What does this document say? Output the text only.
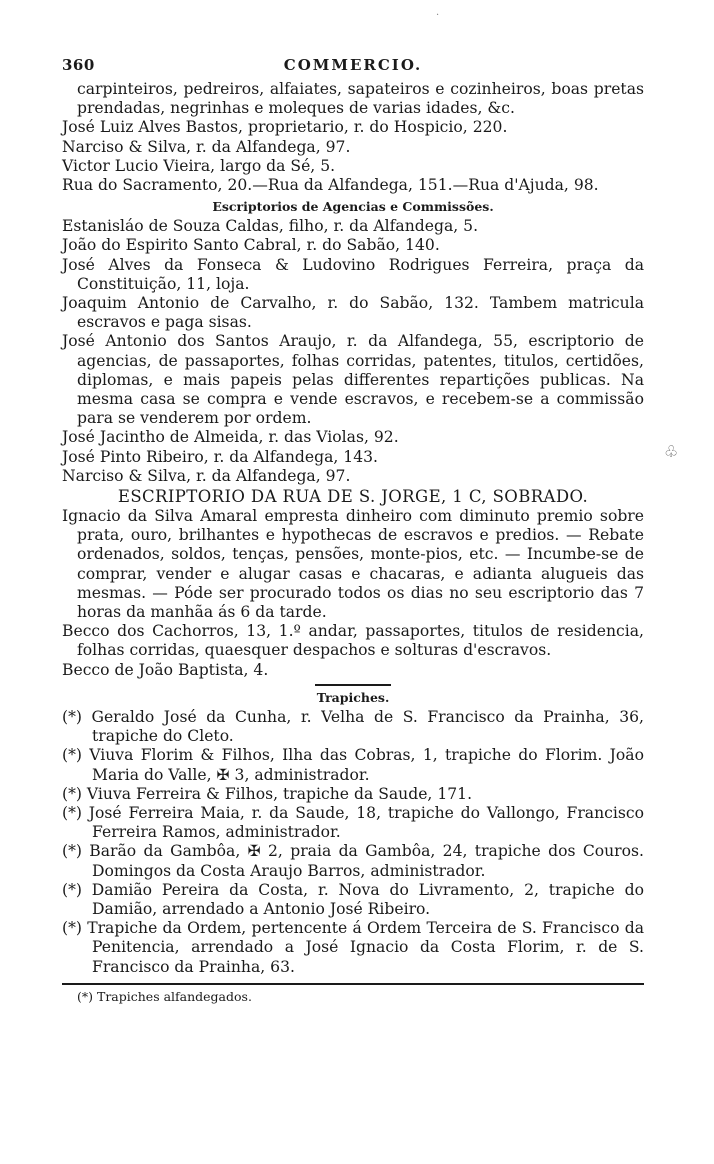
·
♧
360	COMMERCIO.

carpinteiros, pedreiros, alfaiates, sapateiros e cozinheiros, boas pretas prendadas, negrinhas e moleques de varias idades, &c.

José Luiz Alves Bastos, proprietario, r. do Hospicio, 220.

Narciso & Silva, r. da Alfandega, 97.

Victor Lucio Vieira, largo da Sé, 5.

Rua do Sacramento, 20.—Rua da Alfandega, 151.—Rua d'Ajuda, 98.

Escriptorios de Agencias e Commissões.

Estanisláo de Souza Caldas, filho, r. da Alfandega, 5.

João do Espirito Santo Cabral, r. do Sabão, 140.

José Alves da Fonseca & Ludovino Rodrigues Ferreira, praça da Constituição, 11, loja.

Joaquim Antonio de Carvalho, r. do Sabão, 132. Tambem matricula escravos e paga sisas.

José Antonio dos Santos Araujo, r. da Alfandega, 55, escriptorio de agencias, de passaportes, folhas corridas, patentes, titulos, certidões, diplomas, e mais papeis pelas differentes repartições publicas. Na mesma casa se compra e vende escravos, e recebem-se a commissão para se venderem por ordem.

José Jacintho de Almeida, r. das Violas, 92.

José Pinto Ribeiro, r. da Alfandega, 143.

Narciso & Silva, r. da Alfandega, 97.

ESCRIPTORIO DA RUA DE S. JORGE, 1 C, SOBRADO.

Ignacio da Silva Amaral empresta dinheiro com diminuto premio sobre prata, ouro, brilhantes e hypothecas de escravos e predios. — Rebate ordenados, soldos, tenças, pensões, monte-pios, etc. — Incumbe-se de comprar, vender e alugar casas e chacaras, e adianta alugueis das mesmas. — Póde ser procurado todos os dias no seu escriptorio das 7 horas da manhãa ás 6 da tarde.

Becco dos Cachorros, 13, 1.º andar, passaportes, titulos de residencia, folhas corridas, quaesquer despachos e solturas d'escravos.

Becco de João Baptista, 4.

Trapiches.

(*) Geraldo José da Cunha, r. Velha de S. Francisco da Prainha, 36, trapiche do Cleto.

(*) Viuva Florim & Filhos, Ilha das Cobras, 1, trapiche do Florim. João Maria do Valle, ✠ 3, administrador.

(*) Viuva Ferreira & Filhos, trapiche da Saude, 171.

(*) José Ferreira Maia, r. da Saude, 18, trapiche do Vallongo, Francisco Ferreira Ramos, administrador.

(*) Barão da Gambôa, ✠ 2, praia da Gambôa, 24, trapiche dos Couros. Domingos da Costa Araujo Barros, administrador.

(*) Damião Pereira da Costa, r. Nova do Livramento, 2, trapiche do Damião, arrendado a Antonio José Ribeiro.

(*) Trapiche da Ordem, pertencente á Ordem Terceira de S. Francisco da Penitencia, arrendado a José Ignacio da Costa Florim, r. de S. Francisco da Prainha, 63.

(*) Trapiches alfandegados.
